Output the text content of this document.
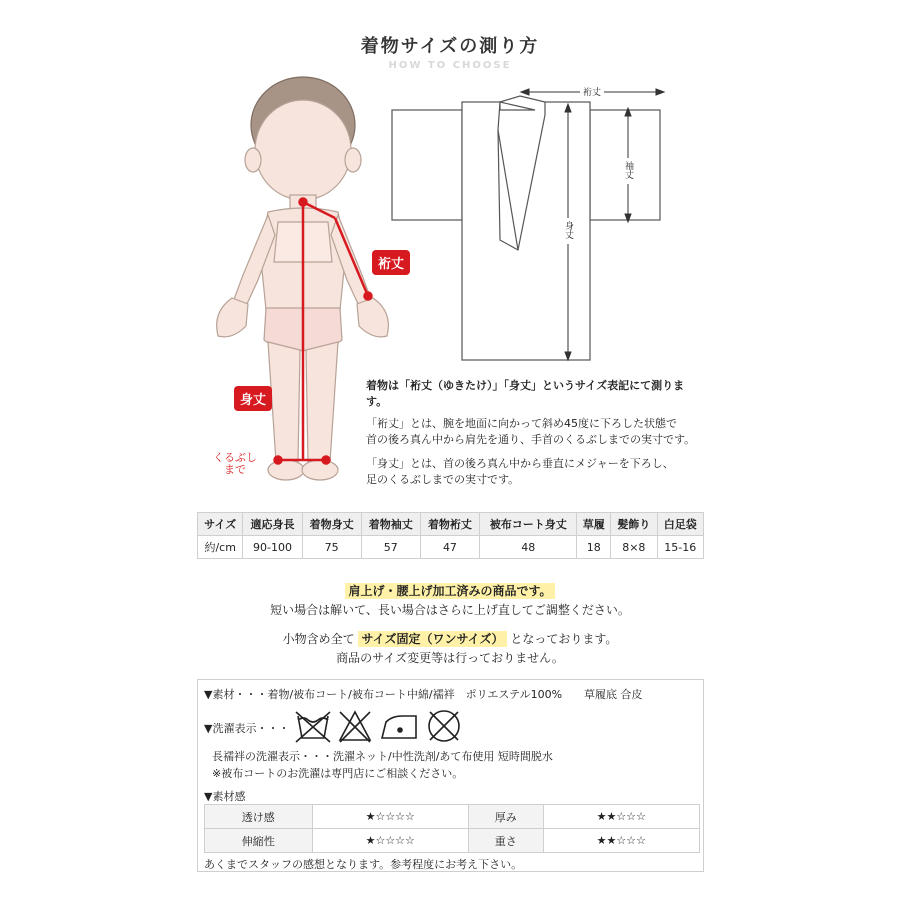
着物サイズの測り方
HOW TO CHOOSE
裄丈
袖丈
身丈
裄丈
身丈
くるぶし
まで

着物は「裄丈（ゆきたけ）」「身丈」というサイズ表記にて測ります。

「裄丈」とは、腕を地面に向かって斜め45度に下ろした状態で

首の後ろ真ん中から肩先を通り、手首のくるぶしまでの実寸です。

「身丈」とは、首の後ろ真ん中から垂直にメジャーを下ろし、

足のくるぶしまでの実寸です。

サイズ	適応身長	着物身丈	着物袖丈	着物裄丈	被布コート身丈	草履	髪飾り	白足袋
約/cm	90-100	75	57	47	48	18	8×8	15-16
肩上げ・腰上げ加工済みの商品です。
短い場合は解いて、長い場合はさらに上げ直してご調整ください。
小物含め全て サイズ固定（ワンサイズ） となっております。
商品のサイズ変更等は行っておりません。
▼素材・・・着物/被布コート/被布コート中綿/襦袢　ポリエステル100%　　草履底 合皮
▼洗濯表示・・・
長襦袢の洗濯表示・・・洗濯ネット/中性洗剤/あて布使用 短時間脱水
※被布コートのお洗濯は専門店にご相談ください。
▼素材感
透け感	★☆☆☆☆	厚み	★★☆☆☆
伸縮性	★☆☆☆☆	重さ	★★☆☆☆
あくまでスタッフの感想となります。参考程度にお考え下さい。
